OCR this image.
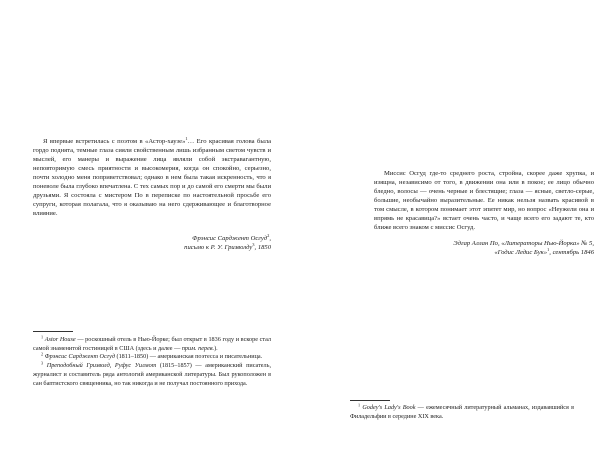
Я впервые встретилась с поэтом в «Астор-хаузе»$^1$… Его красивая голова была гордо поднята, темные глаза сияли свойственным лишь избранным светом чувств и мыслей, его манеры и выражение лица являли собой экстравагантную, неповторимую смесь приятности и высокомерия, когда он спокойно, серьезно, почти холодно меня поприветствовал; однако в нем была такая искренность, что я поневоле была глубоко впечатлена. С тех самых пор и до самой его смерти мы были друзьями. Я состояла с мистером По в переписке по настоятельной просьбе его супруги, которая полагала, что я оказываю на него сдерживающее и благотворное влияние.

Фрэнсис Сарджент Осгуд$^2$,
письмо к Р. У. Гризволду$^3$, 1850

$^1$ Astor House — роскошный отель в Нью-Йорке; был открыт в 1836 году и вскоре стал самой знаменитой гостиницей в США (здесь и далее — прим. перев.).

$^2$ Фрэнсис Сарджент Осгуд (1811–1850) — американская поэтесса и писательница.

$^3$ Преподобный Гризволд, Руфус Уилмот (1815–1857) — американский писатель, журналист и составитель ряда антологий американской литературы. Был рукоположен в сан баптистского священника, но так никогда и не получал постоянного прихода.

Миссис Осгуд где-то среднего роста, стройна, скорее даже хрупка, и изящна, независимо от того, в движении она или в покое; ее лицо обычно бледно, волосы — очень черные и блестящие; глаза — ясные, светло-серые, большие, необычайно выразительные. Ее никак нельзя назвать красивой в том смысле, в котором понимает этот эпитет мир, но вопрос «Неужели она и впрямь не красавица?» встает очень часто, и чаще всего его задают те, кто ближе всего знаком с миссис Осгуд.

Эдгар Аллан По, «Литераторы Нью-Йорка» № 5,
«Годис Ледис Бук»$^1$, сентябрь 1846

$^1$ Godey's Lady's Book — ежемесячный литературный альманах, издававшийся в Филадельфии в середине XIX века.
